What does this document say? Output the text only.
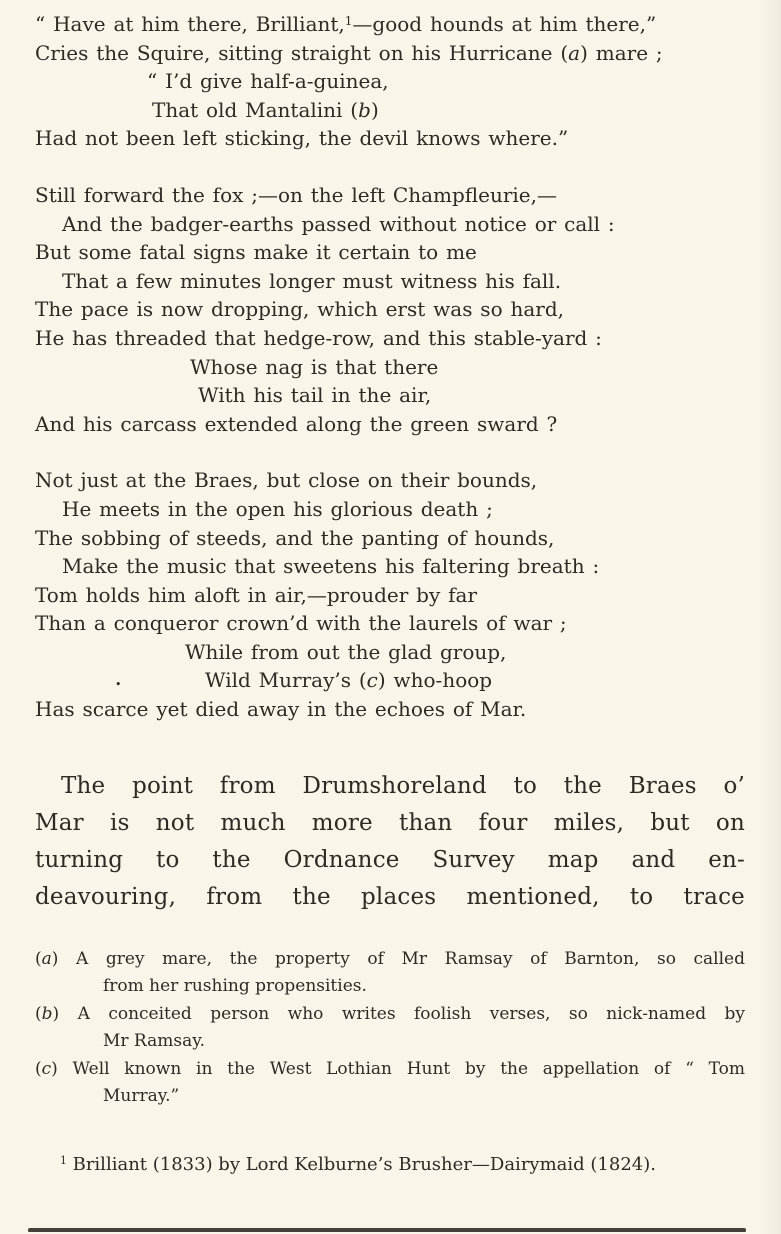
“ Have at him there, Brilliant,$^1$—good hounds at him there,”
Cries the Squire, sitting straight on his Hurricane (a) mare ;
“ I’d give half-a-guinea,
That old Mantalini (b)
Had not been left sticking, the devil knows where.”
Still forward the fox ;—on the left Champfleurie,—
And the badger-earths passed without notice or call :
But some fatal signs make it certain to me
That a few minutes longer must witness his fall.
The pace is now dropping, which erst was so hard,
He has threaded that hedge-row, and this stable-yard :
Whose nag is that there
With his tail in the air,
And his carcass extended along the green sward ?
Not just at the Braes, but close on their bounds,
He meets in the open his glorious death ;
The sobbing of steeds, and the panting of hounds,
Make the music that sweetens his faltering breath :
Tom holds him aloft in air,—prouder by far
Than a conqueror crown’d with the laurels of war ;
While from out the glad group,
•	Wild Murray’s (c) who-hoop
Has scarce yet died away in the echoes of Mar.
The point from Drumshoreland to the Braes o’
Mar is not much more than four miles, but on
turning to the Ordnance Survey map and en-
deavouring, from the places mentioned, to trace
(a) A grey mare, the property of Mr Ramsay of Barnton, so called
from her rushing propensities.
(b) A conceited person who writes foolish verses, so nick-named by
Mr Ramsay.
(c) Well known in the West Lothian Hunt by the appellation of “ Tom
Murray.”
$^1$ Brilliant (1833) by Lord Kelburne’s Brusher—Dairymaid (1824).
